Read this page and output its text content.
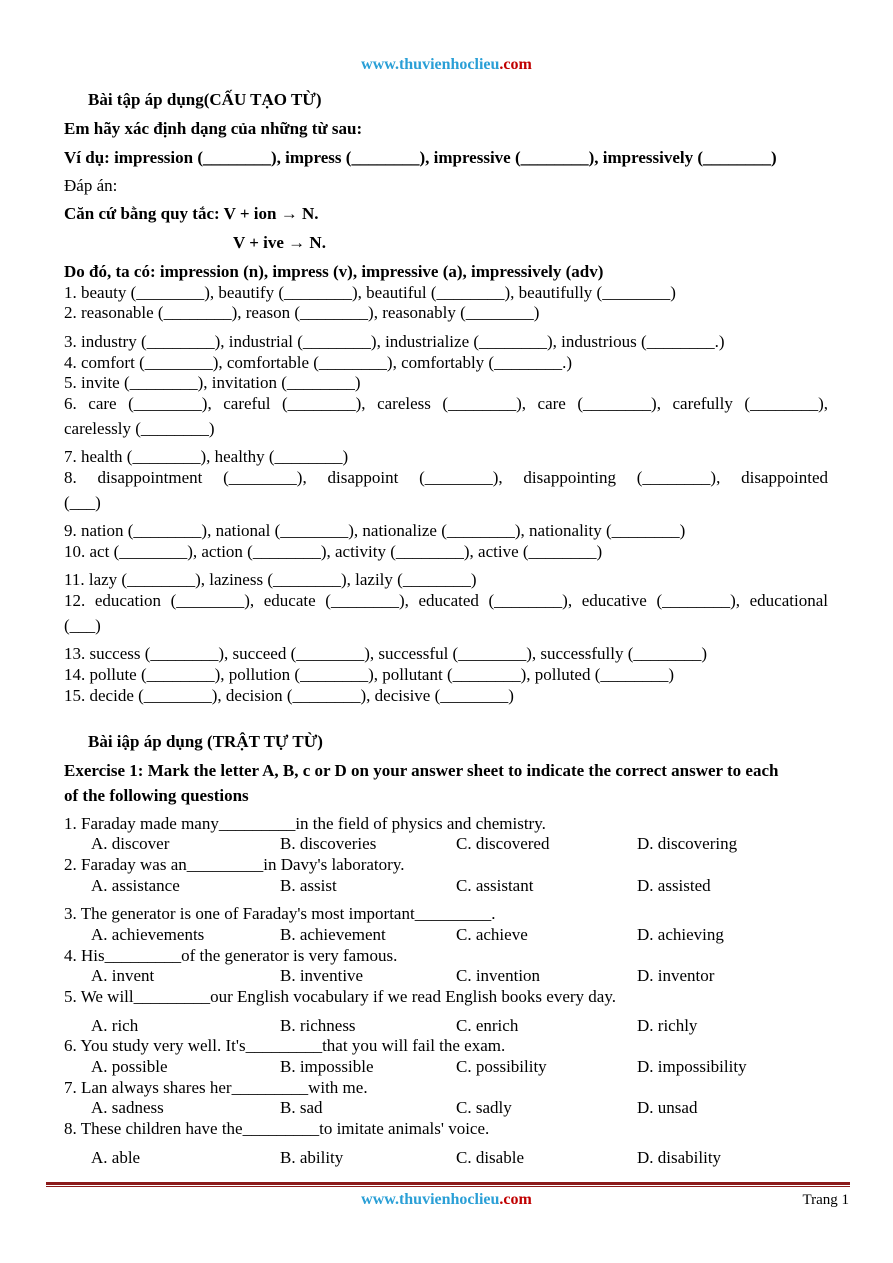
www.thuvienhoclieu.com
Bài tập áp dụng(CẤU TẠO TỪ)
Em hãy xác định dạng của những từ sau:
Ví dụ: impression (________), impress (________), impressive (________), impressively (________)
Đáp án:
Căn cứ bằng quy tắc: V + ion → N.
V + ive → N.
Do đó, ta có: impression (n), impress (v), impressive (a), impressively (adv)
1. beauty (________), beautify (________), beautiful (________), beautifully (________)
2. reasonable (________), reason (________), reasonably (________)
3. industry (________), industrial (________), industrialize (________), industrious (________.)
4. comfort (________), comfortable (________), comfortably (________.)
5. invite (________), invitation (________)
6. care (________), careful (________), careless (________), care (________), carefully (________),
carelessly (________)
7. health (________), healthy (________)
8. disappointment (________), disappoint (________), disappointing (________), disappointed
(___)
9. nation (________), national (________), nationalize (________), nationality (________)
10. act (________), action (________), activity (________), active (________)
11. lazy (________), laziness (________), lazily (________)
12. education (________), educate (________), educated (________), educative (________), educational
(___)
13. success (________), succeed (________), successful (________), successfully (________)
14. pollute (________), pollution (________), pollutant (________), polluted (________)
15. decide (________), decision (________), decisive (________)
Bài iập áp dụng (TRẬT TỰ TỪ)
Exercise 1: Mark the letter A, B, c or D on your answer sheet to indicate the correct answer to each
of the following questions
1. Faraday made many_________in the field of physics and chemistry.
A. discover	B. discoveries	C. discovered	D. discovering
2. Faraday was an_________in Davy's laboratory.
A. assistance	B. assist	C. assistant	D. assisted
3. The generator is one of Faraday's most important_________.
A. achievements	B. achievement	C. achieve	D. achieving
4. His_________of the generator is very famous.
A. invent	B. inventive	C. invention	D. inventor
5. We will_________our English vocabulary if we read English books every day.
A. rich	B. richness	C. enrich	D. richly
6. You study very well. It's_________that you will fail the exam.
A. possible	B. impossible	C. possibility	D. impossibility
7. Lan always shares her_________with me.
A. sadness	B. sad	C. sadly	D. unsad
8. These children have the_________to imitate animals' voice.
A. able	B. ability	C. disable	D. disability
www.thuvienhoclieu.com	Trang 1
